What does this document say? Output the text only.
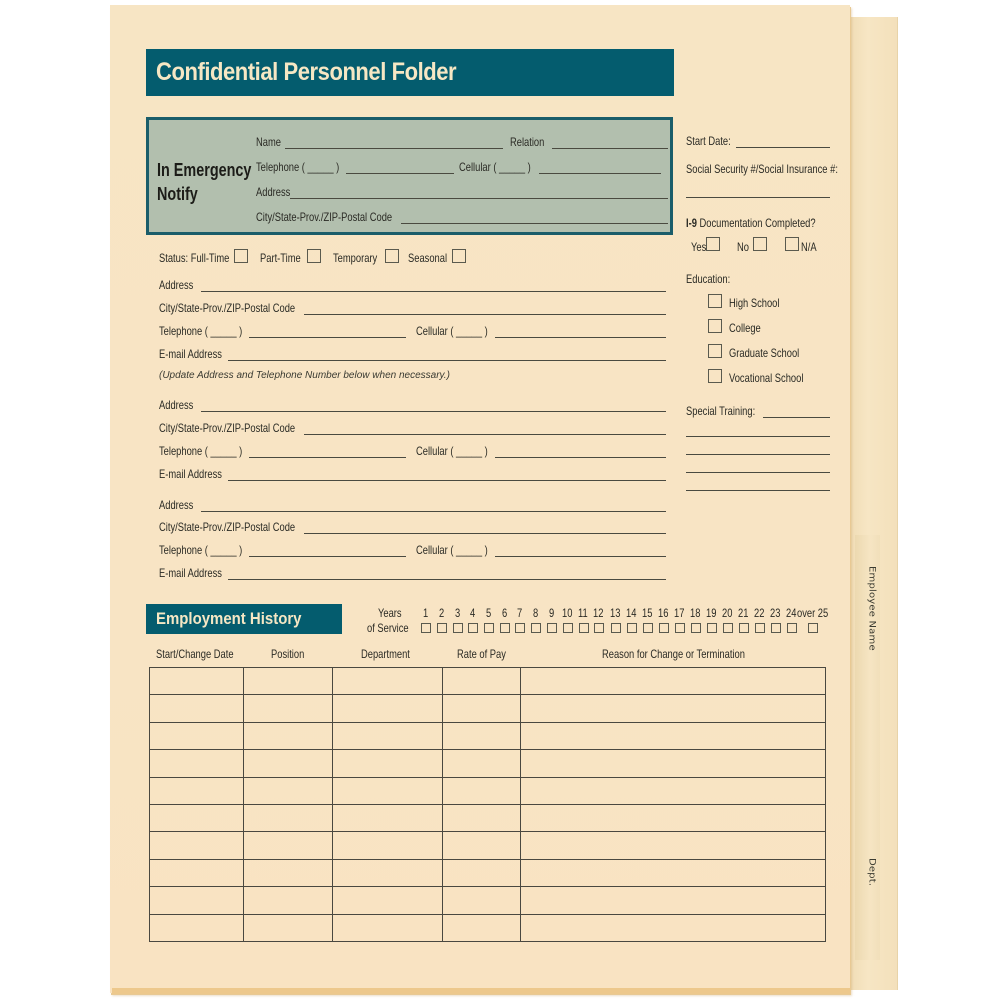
Employee Name
Dept.
Confidential Personnel Folder
In Emergency
Notify
Name	Relation
Telephone ( _____ )	Cellular ( _____ )
Address
City/State-Prov./ZIP-Postal Code
Start Date:
Social Security #/Social Insurance #:
I-9 Documentation Completed?
Yes	No	N/A
Education:
High School
College
Graduate School
Vocational School
Special Training:
Status: Full-Time	Part-Time	Temporary	Seasonal
Address
City/State-Prov./ZIP-Postal Code
Telephone ( _____ )	Cellular ( _____ )
E-mail Address
(Update Address and Telephone Number below when necessary.)
Address
City/State-Prov./ZIP-Postal Code
Telephone ( _____ )	Cellular ( _____ )
E-mail Address
Address
City/State-Prov./ZIP-Postal Code
Telephone ( _____ )	Cellular ( _____ )
E-mail Address
Employment History	Years
of Service
1 2 3 4 5 6 7 8 9 10 11 12 13 14 15 16 17 18 19 20 21 22 23 24 over 25
Start/Change Date	Position	Department	Rate of Pay	Reason for Change or Termination
